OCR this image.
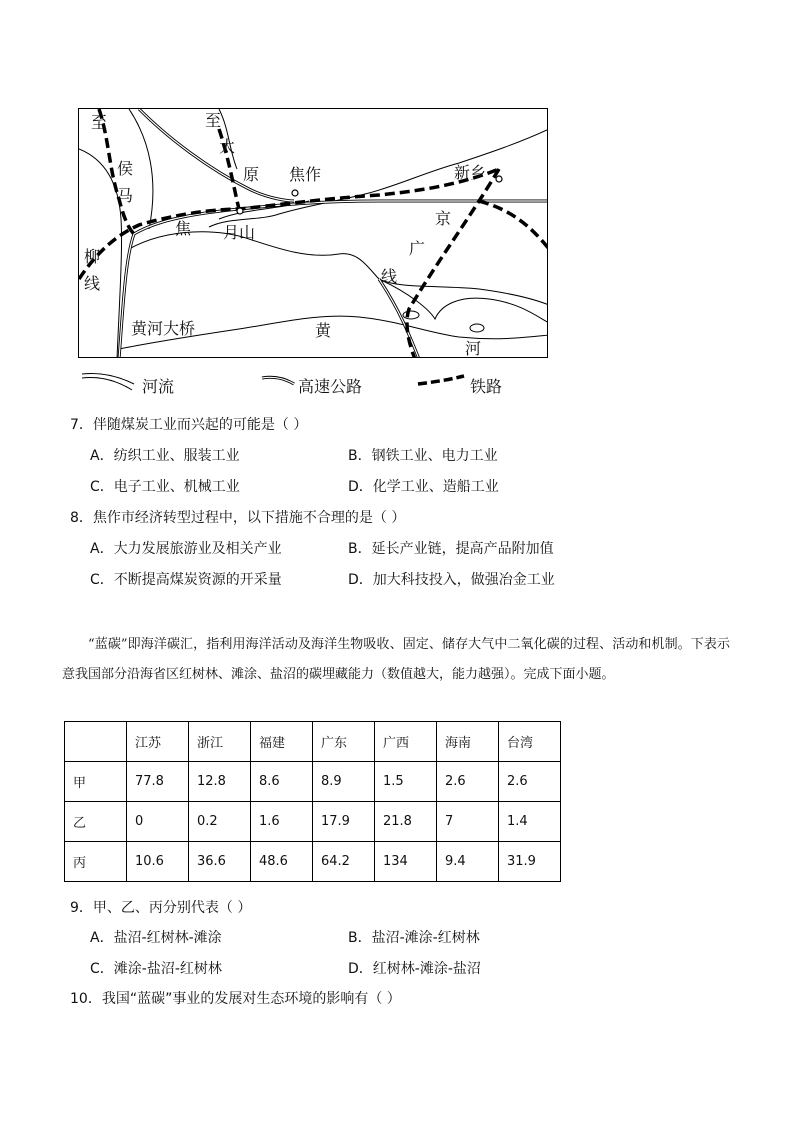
至
侯马
柳线
至
太
原 焦作	新乡
焦 月山
京
广
线
黄河大桥	黄
河
河流	高速公路	铁路
7．伴随煤炭工业而兴起的可能是（ ）
A．纺织工业、服装工业	B．钢铁工业、电力工业
C．电子工业、机械工业	D．化学工业、造船工业
8．焦作市经济转型过程中，以下措施不合理的是（ ）
A．大力发展旅游业及相关产业	B．延长产业链，提高产品附加值
C．不断提高煤炭资源的开采量	D．加大科技投入，做强冶金工业
“蓝碳”即海洋碳汇，指利用海洋活动及海洋生物吸收、固定、储存大气中二氧化碳的过程、活动和机制。下表示意我国部分沿海省区红树林、滩涂、盐沼的碳埋藏能力（数值越大，能力越强）。完成下面小题。
	江苏	浙江	福建	广东	广西	海南	台湾
甲	77.8	12.8	8.6	8.9	1.5	2.6	2.6
乙	0	0.2	1.6	17.9	21.8	7	1.4
丙	10.6	36.6	48.6	64.2	134	9.4	31.9
9．甲、乙、丙分别代表（ ）
A．盐沼-红树林-滩涂	B．盐沼-滩涂-红树林
C．滩涂-盐沼-红树林	D．红树林-滩涂-盐沼
10．我国“蓝碳”事业的发展对生态环境的影响有（ ）
